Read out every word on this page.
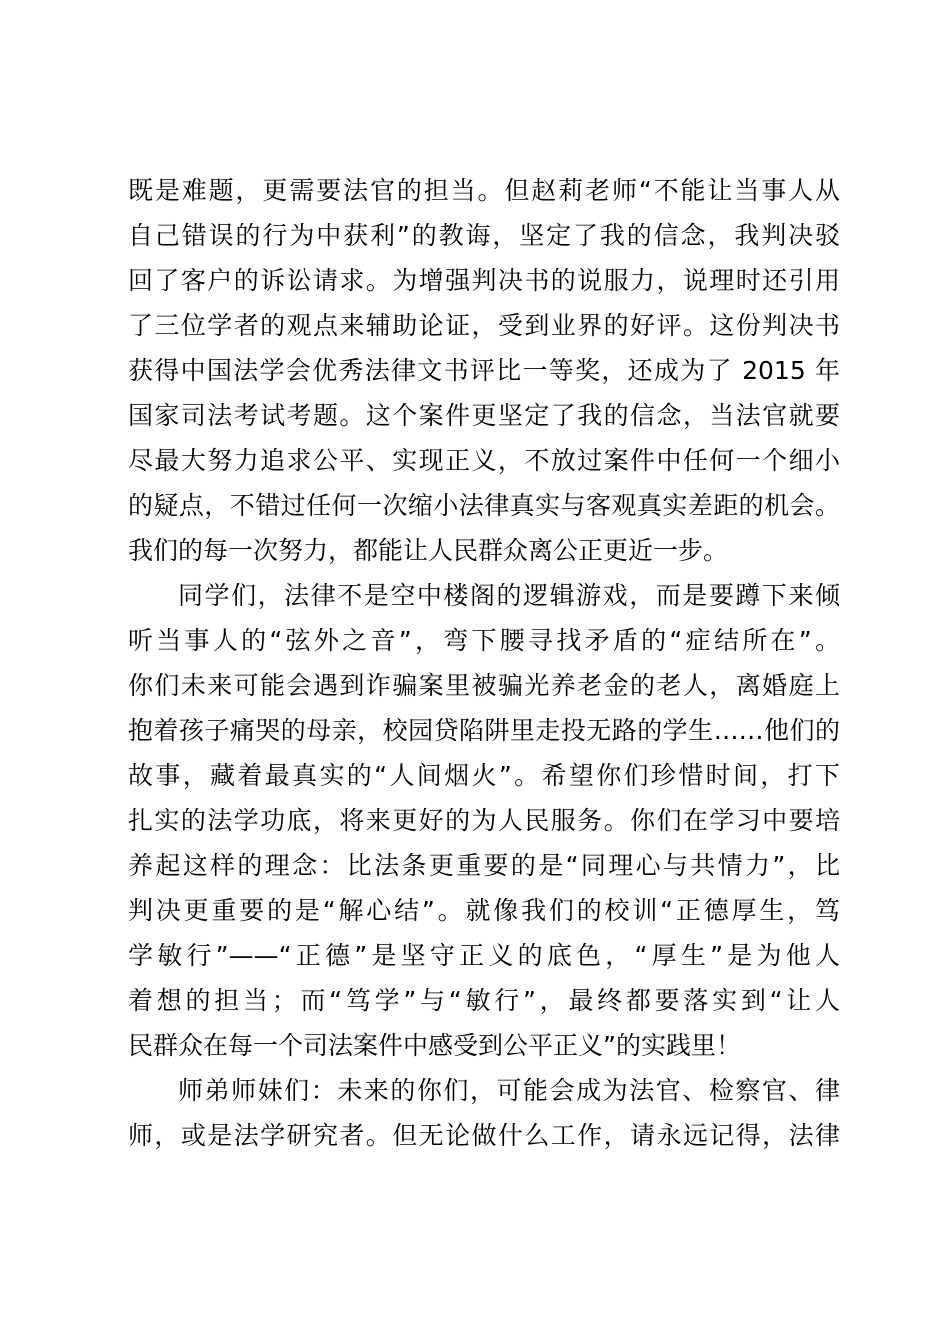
既是难题，更需要法官的担当。但赵莉老师“不能让当事人从
自己错误的行为中获利”的教诲，坚定了我的信念，我判决驳
回了客户的诉讼请求。为增强判决书的说服力，说理时还引用
了三位学者的观点来辅助论证，受到业界的好评。这份判决书
获得中国法学会优秀法律文书评比一等奖，还成为了 2015 年
国家司法考试考题。这个案件更坚定了我的信念，当法官就要
尽最大努力追求公平、实现正义，不放过案件中任何一个细小
的疑点，不错过任何一次缩小法律真实与客观真实差距的机会。
我们的每一次努力，都能让人民群众离公正更近一步。
同学们，法律不是空中楼阁的逻辑游戏，而是要蹲下来倾
听当事人的“弦外之音”，弯下腰寻找矛盾的“症结所在”。
你们未来可能会遇到诈骗案里被骗光养老金的老人，离婚庭上
抱着孩子痛哭的母亲，校园贷陷阱里走投无路的学生……他们的
故事，藏着最真实的“人间烟火”。希望你们珍惜时间，打下
扎实的法学功底，将来更好的为人民服务。你们在学习中要培
养起这样的理念：比法条更重要的是“同理心与共情力”，比
判决更重要的是“解心结”。就像我们的校训“正德厚生，笃
学敏行”——“正德”是坚守正义的底色，“厚生”是为他人
着想的担当；而“笃学”与“敏行”，最终都要落实到“让人
民群众在每一个司法案件中感受到公平正义”的实践里！
师弟师妹们：未来的你们，可能会成为法官、检察官、律
师，或是法学研究者。但无论做什么工作，请永远记得，法律
